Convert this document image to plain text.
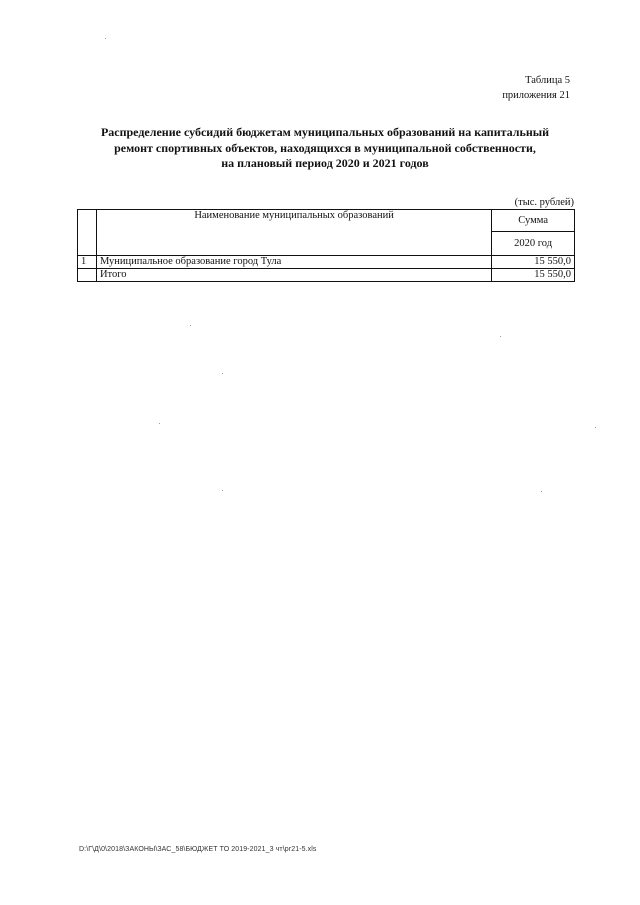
Таблица 5
приложения 21
Распределение субсидий бюджетам муниципальных образований на капитальный
ремонт спортивных объектов, находящихся в муниципальной собственности,
на плановый период 2020 и 2021 годов
(тыс. рублей)
	Наименование муниципальных образований	Сумма
		2020 год
1	Муниципальное образование город Тула	15 550,0
	Итого	15 550,0
D:\Г\Д\0\2018\ЗАКОНЫ\ЗАС_58\БЮДЖЕТ ТО 2019-2021_3 чт\pr21-5.xls
